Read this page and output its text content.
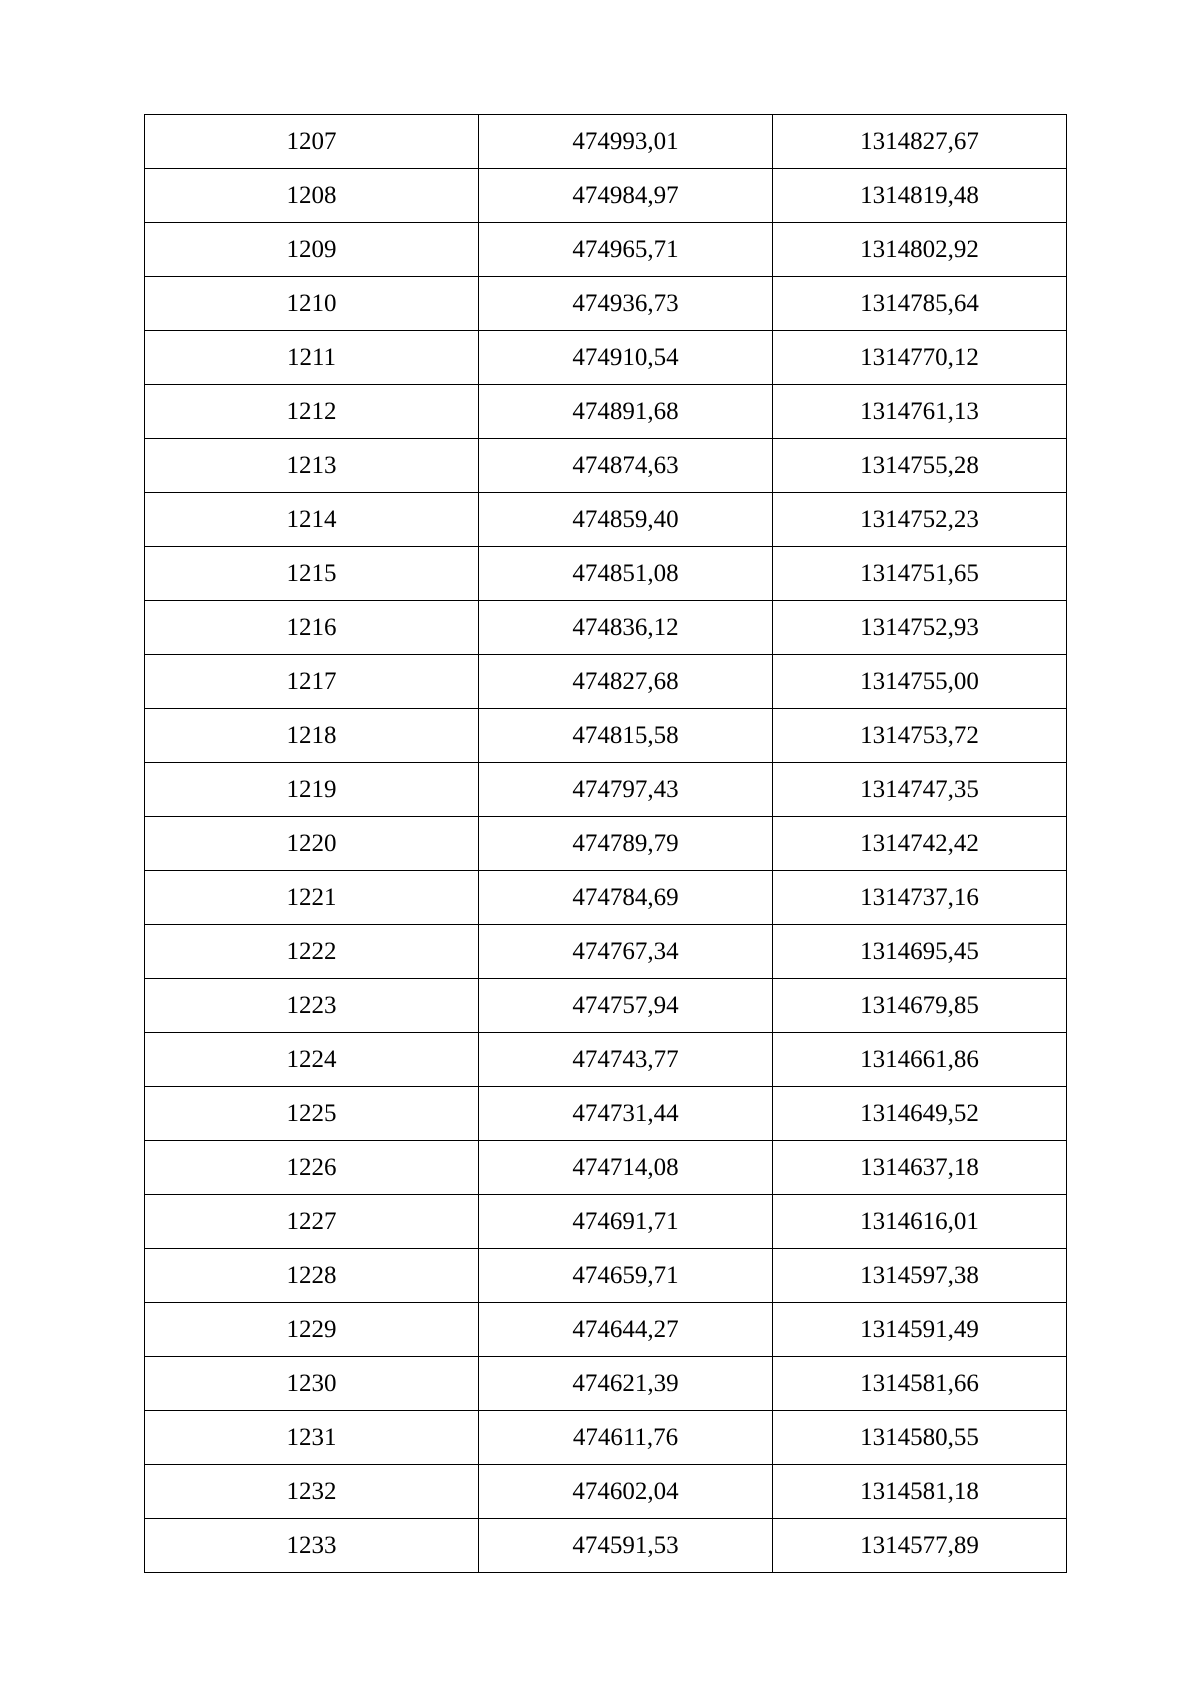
1207	474993,01	1314827,67
1208	474984,97	1314819,48
1209	474965,71	1314802,92
1210	474936,73	1314785,64
1211	474910,54	1314770,12
1212	474891,68	1314761,13
1213	474874,63	1314755,28
1214	474859,40	1314752,23
1215	474851,08	1314751,65
1216	474836,12	1314752,93
1217	474827,68	1314755,00
1218	474815,58	1314753,72
1219	474797,43	1314747,35
1220	474789,79	1314742,42
1221	474784,69	1314737,16
1222	474767,34	1314695,45
1223	474757,94	1314679,85
1224	474743,77	1314661,86
1225	474731,44	1314649,52
1226	474714,08	1314637,18
1227	474691,71	1314616,01
1228	474659,71	1314597,38
1229	474644,27	1314591,49
1230	474621,39	1314581,66
1231	474611,76	1314580,55
1232	474602,04	1314581,18
1233	474591,53	1314577,89
